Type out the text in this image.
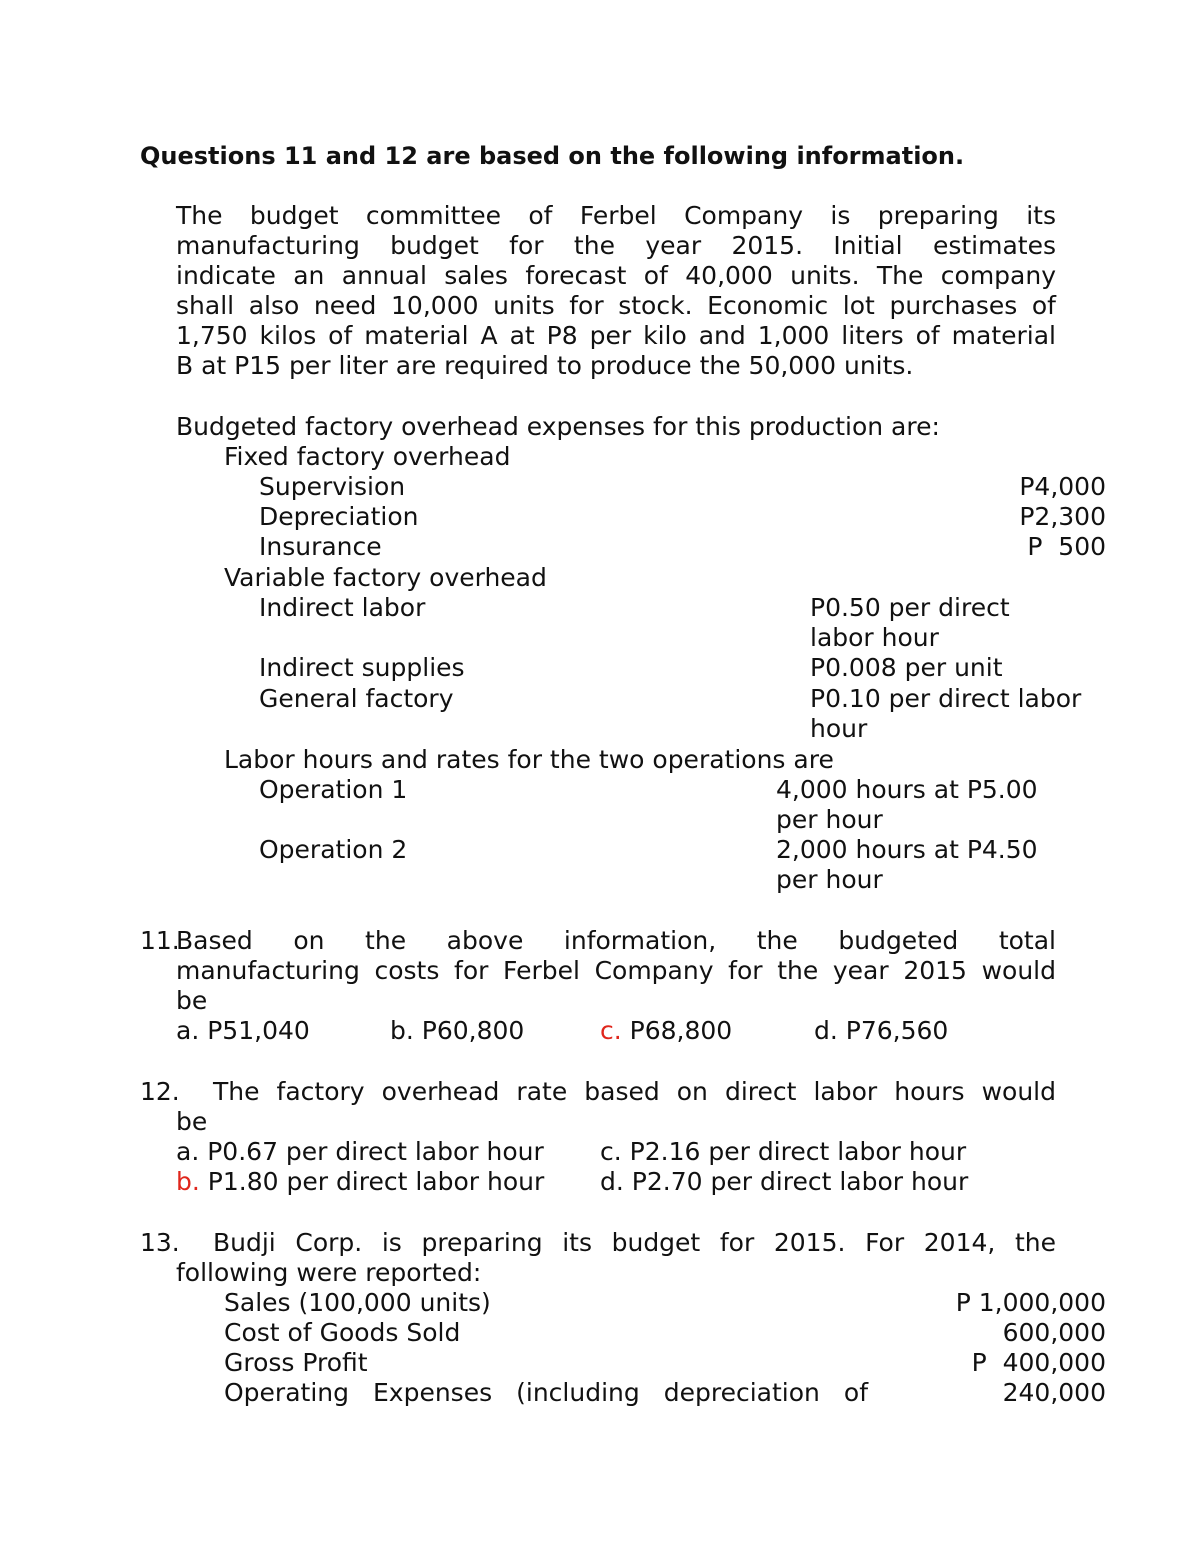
Questions 11 and 12 are based on the following information.
The budget committee of Ferbel Company is preparing its
manufacturing budget for the year 2015. Initial estimates
indicate an annual sales forecast of 40,000 units. The company
shall also need 10,000 units for stock. Economic lot purchases of
1,750 kilos of material A at P8 per kilo and 1,000 liters of material
B at P15 per liter are required to produce the 50,000 units.
Budgeted factory overhead expenses for this production are:
Fixed factory overhead
Supervision	P4,000
Depreciation	P2,300
Insurance	P  500
Variable factory overhead
Indirect labor	P0.50 per direct
labor hour
Indirect supplies	P0.008 per unit
General factory	P0.10 per direct labor
hour
Labor hours and rates for the two operations are
Operation 1	4,000 hours at P5.00
per hour
Operation 2	2,000 hours at P4.50
per hour
11.
Based on the above information, the budgeted total
manufacturing costs for Ferbel Company for the year 2015 would
be
a. P51,040	b. P60,800	c. P68,800	d. P76,560
12. The factory overhead rate based on direct labor hours would
be
a. P0.67 per direct labor hour c. P2.16 per direct labor hour
b. P1.80 per direct labor hour d. P2.70 per direct labor hour
13. Budji Corp. is preparing its budget for 2015. For 2014, the
following were reported:
Sales (100,000 units)	P 1,000,000
Cost of Goods Sold	600,000
Gross Profit	P  400,000
Operating Expenses (including depreciation of	240,000
